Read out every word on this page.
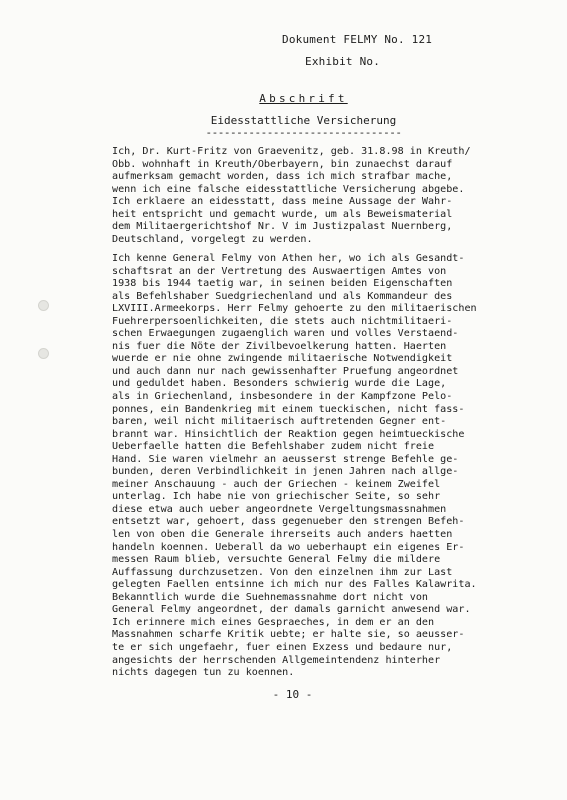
Dokument FELMY No. 121
Exhibit No.
Abschrift
Eidesstattliche Versicherung
--------------------------------
Ich, Dr. Kurt-Fritz von Graevenitz, geb. 31.8.98 in Kreuth/
Obb. wohnhaft in Kreuth/Oberbayern, bin zunaechst darauf
aufmerksam gemacht worden, dass ich mich strafbar mache,
wenn ich eine falsche eidesstattliche Versicherung abgebe.
Ich erklaere an eidesstatt, dass meine Aussage der Wahr-
heit entspricht und gemacht wurde, um als Beweismaterial
dem Militaergerichtshof Nr. V im Justizpalast Nuernberg,
Deutschland, vorgelegt zu werden.
Ich kenne General Felmy von Athen her, wo ich als Gesandt-
schaftsrat an der Vertretung des Auswaertigen Amtes von
1938 bis 1944 taetig war, in seinen beiden Eigenschaften
als Befehlshaber Suedgriechenland und als Kommandeur des
LXVIII.Armeekorps. Herr Felmy gehoerte zu den militaerischen
Fuehrerpersoenlichkeiten, die stets auch nichtmilitaeri-
schen Erwaegungen zugaenglich waren und volles Verstaend-
nis fuer die Nöte der Zivilbevoelkerung hatten. Haerten
wuerde er nie ohne zwingende militaerische Notwendigkeit
und auch dann nur nach gewissenhafter Pruefung angeordnet
und geduldet haben. Besonders schwierig wurde die Lage,
als in Griechenland, insbesondere in der Kampfzone Pelo-
ponnes, ein Bandenkrieg mit einem tueckischen, nicht fass-
baren, weil nicht militaerisch auftretenden Gegner ent-
brannt war. Hinsichtlich der Reaktion gegen heimtueckische
Ueberfaelle hatten die Befehlshaber zudem nicht freie
Hand. Sie waren vielmehr an aeusserst strenge Befehle ge-
bunden, deren Verbindlichkeit in jenen Jahren nach allge-
meiner Anschauung - auch der Griechen - keinem Zweifel
unterlag. Ich habe nie von griechischer Seite, so sehr
diese etwa auch ueber angeordnete Vergeltungsmassnahmen
entsetzt war, gehoert, dass gegenueber den strengen Befeh-
len von oben die Generale ihrerseits auch anders haetten
handeln koennen. Ueberall da wo ueberhaupt ein eigenes Er-
messen Raum blieb, versuchte General Felmy die mildere
Auffassung durchzusetzen. Von den einzelnen ihm zur Last
gelegten Faellen entsinne ich mich nur des Falles Kalawrita.
Bekanntlich wurde die Suehnemassnahme dort nicht von
General Felmy angeordnet, der damals garnicht anwesend war.
Ich erinnere mich eines Gespraeches, in dem er an den
Massnahmen scharfe Kritik uebte; er halte sie, so aeusser-
te er sich ungefaehr, fuer einen Exzess und bedaure nur,
angesichts der herrschenden Allgemeintendenz hinterher
nichts dagegen tun zu koennen.
- 10 -
